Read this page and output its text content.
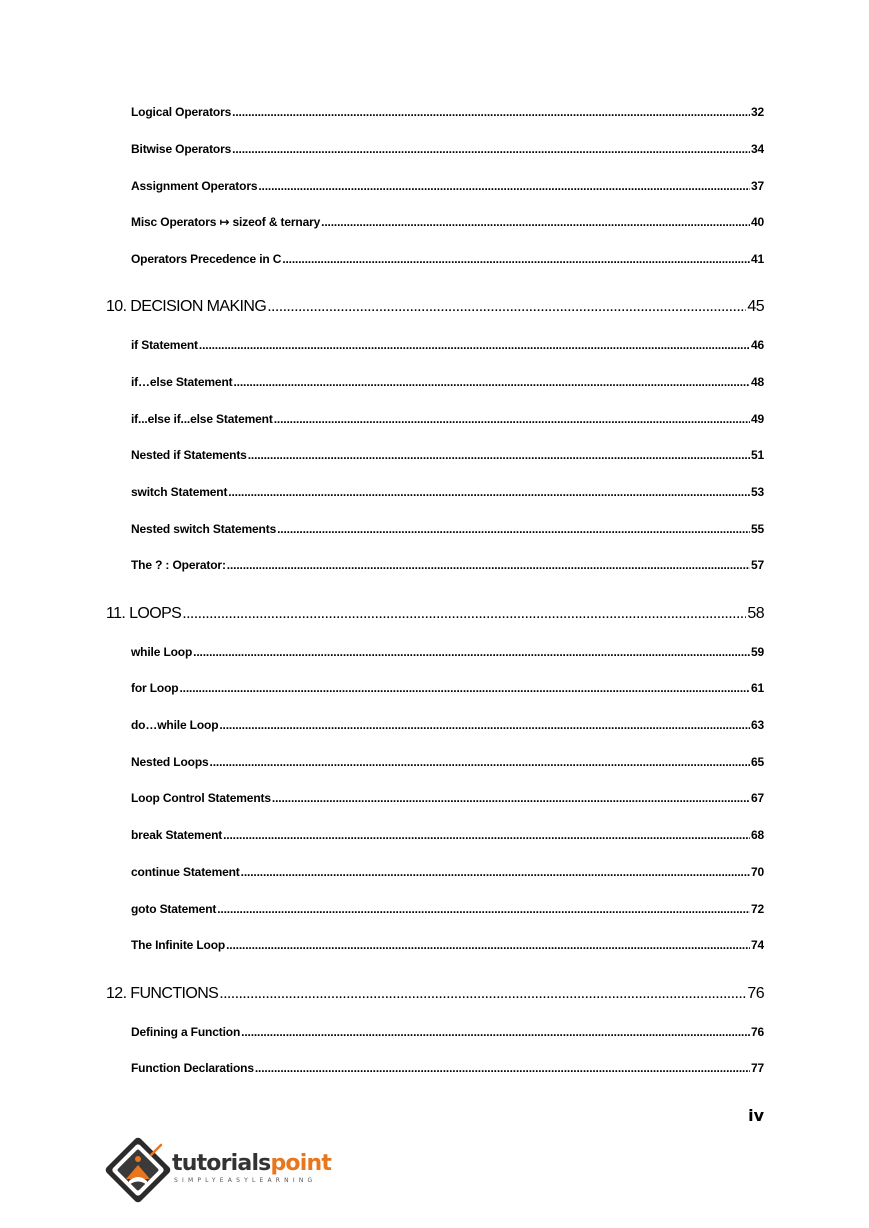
Logical Operators .....	32
Bitwise Operators .....	34
Assignment Operators .....	37
Misc Operators ↦ sizeof & ternary .....	40
Operators Precedence in C .....	41
10. DECISION MAKING .....	45
if Statement .....	46
if…else Statement .....	48
if...else if...else Statement .....	49
Nested if Statements .....	51
switch Statement .....	53
Nested switch Statements .....	55
The ? : Operator: .....	57
11. LOOPS .....	58
while Loop .....	59
for Loop .....	61
do…while Loop .....	63
Nested Loops .....	65
Loop Control Statements .....	67
break Statement .....	68
continue Statement .....	70
goto Statement .....	72
The Infinite Loop .....	74
12. FUNCTIONS .....	76
Defining a Function .....	76
Function Declarations .....	77
iv
tutorialspoint
SIMPLYEASYLEARNING
